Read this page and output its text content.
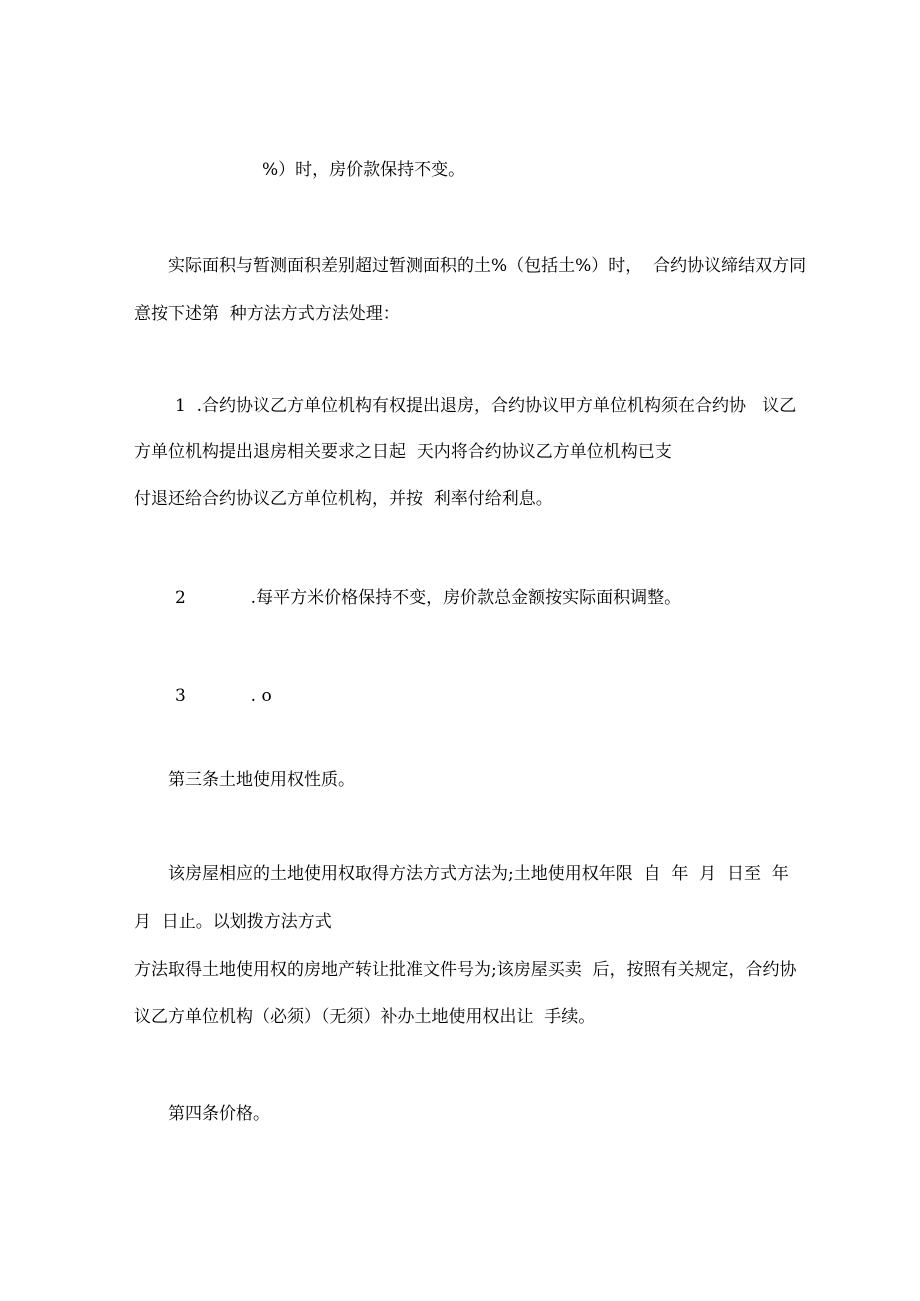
%）时，房价款保持不变。
实际面积与暂测面积差别超过暂测面积的土%（包括土%）时，  合约协议缔结双方同
意按下述第  种方法方式方法处理：
1  .合约协议乙方单位机构有权提出退房，合约协议甲方单位机构须在合约协   议乙
方单位机构提出退房相关要求之日起  天内将合约协议乙方单位机构已支
付退还给合约协议乙方单位机构，并按  利率付给利息。
2            .每平方米价格保持不变，房价款总金额按实际面积调整。
3            . o
第三条土地使用权性质。
该房屋相应的土地使用权取得方法方式方法为;土地使用权年限  自  年  月  日至  年
月  日止。以划拨方法方式
方法取得土地使用权的房地产转让批准文件号为;该房屋买卖  后，按照有关规定，合约协
议乙方单位机构（必须）（无须）补办土地使用权出让  手续。
第四条价格。
